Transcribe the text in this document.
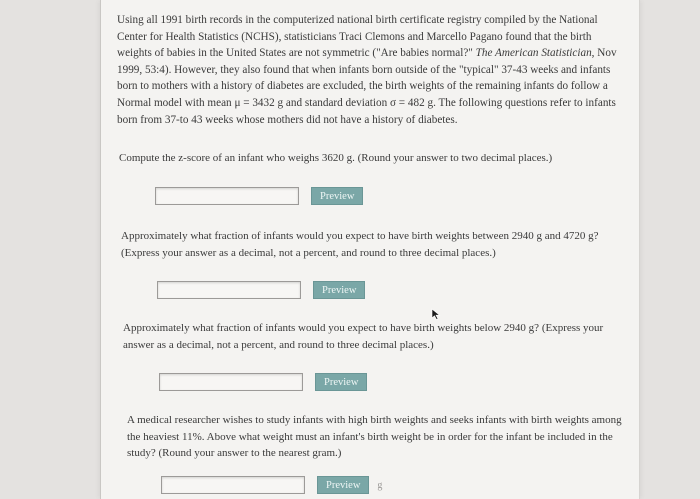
Using all 1991 birth records in the computerized national birth certificate registry compiled by the National Center for Health Statistics (NCHS), statisticians Traci Clemons and Marcello Pagano found that the birth weights of babies in the United States are not symmetric ("Are babies normal?" The American Statistician, Nov 1999, 53:4). However, they also found that when infants born outside of the "typical" 37-43 weeks and infants born to mothers with a history of diabetes are excluded, the birth weights of the remaining infants do follow a Normal model with mean μ = 3432 g and standard deviation σ = 482 g. The following questions refer to infants born from 37-to 43 weeks whose mothers did not have a history of diabetes.
Compute the z-score of an infant who weighs 3620 g. (Round your answer to two decimal places.)
Preview
Approximately what fraction of infants would you expect to have birth weights between 2940 g and 4720 g? (Express your answer as a decimal, not a percent, and round to three decimal places.)
Preview
Approximately what fraction of infants would you expect to have birth weights below 2940 g? (Express your answer as a decimal, not a percent, and round to three decimal places.)
Preview
A medical researcher wishes to study infants with high birth weights and seeks infants with birth weights among the heaviest 11%. Above what weight must an infant's birth weight be in order for the infant be included in the study? (Round your answer to the nearest gram.)
Preview	g
